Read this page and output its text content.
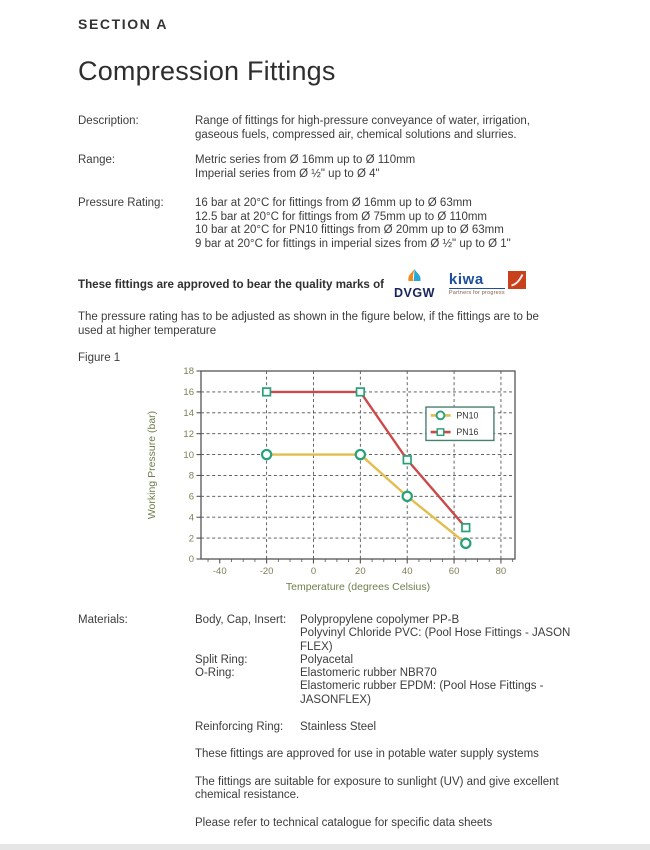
SECTION A
Compression Fittings
Description:	Range of fittings for high-pressure conveyance of water, irrigation,
gaseous fuels, compressed air, chemical solutions and slurries.
Range:	Metric series from Ø 16mm up to Ø 110mm
Imperial series from Ø ½" up to Ø 4"
Pressure Rating:	16 bar at 20°C for fittings from Ø 16mm up to Ø 63mm
12.5 bar at 20°C for fittings from Ø 75mm up to Ø 110mm
10 bar at 20°C for PN10 fittings from Ø 20mm up to Ø 63mm
9 bar at 20°C for fittings in imperial sizes from Ø ½" up to Ø 1"
These fittings are approved to bear the quality marks of
DVGW
kiwa
Partners for progress
The pressure rating has to be adjusted as shown in the figure below, if the fittings are to be
used at higher temperature
Figure 1
-40	-20	0	20	40	60	80
0
2
4
6
8
10
12
14
16
18
Temperature (degrees Celsius)
Working Pressure (bar)	PN10
PN16
Materials:	Body, Cap, Insert:	Polypropylene copolymer PP-B
Polyvinyl Chloride PVC: (Pool Hose Fittings - JASON
FLEX)
Split Ring:	Polyacetal
O-Ring:	Elastomeric rubber NBR70
Elastomeric rubber EPDM: (Pool Hose Fittings -
JASONFLEX)
Reinforcing Ring:	Stainless Steel

These fittings are approved for use in potable water supply systems

The fittings are suitable for exposure to sunlight (UV) and give excellent
chemical resistance.

Please refer to technical catalogue for specific data sheets
